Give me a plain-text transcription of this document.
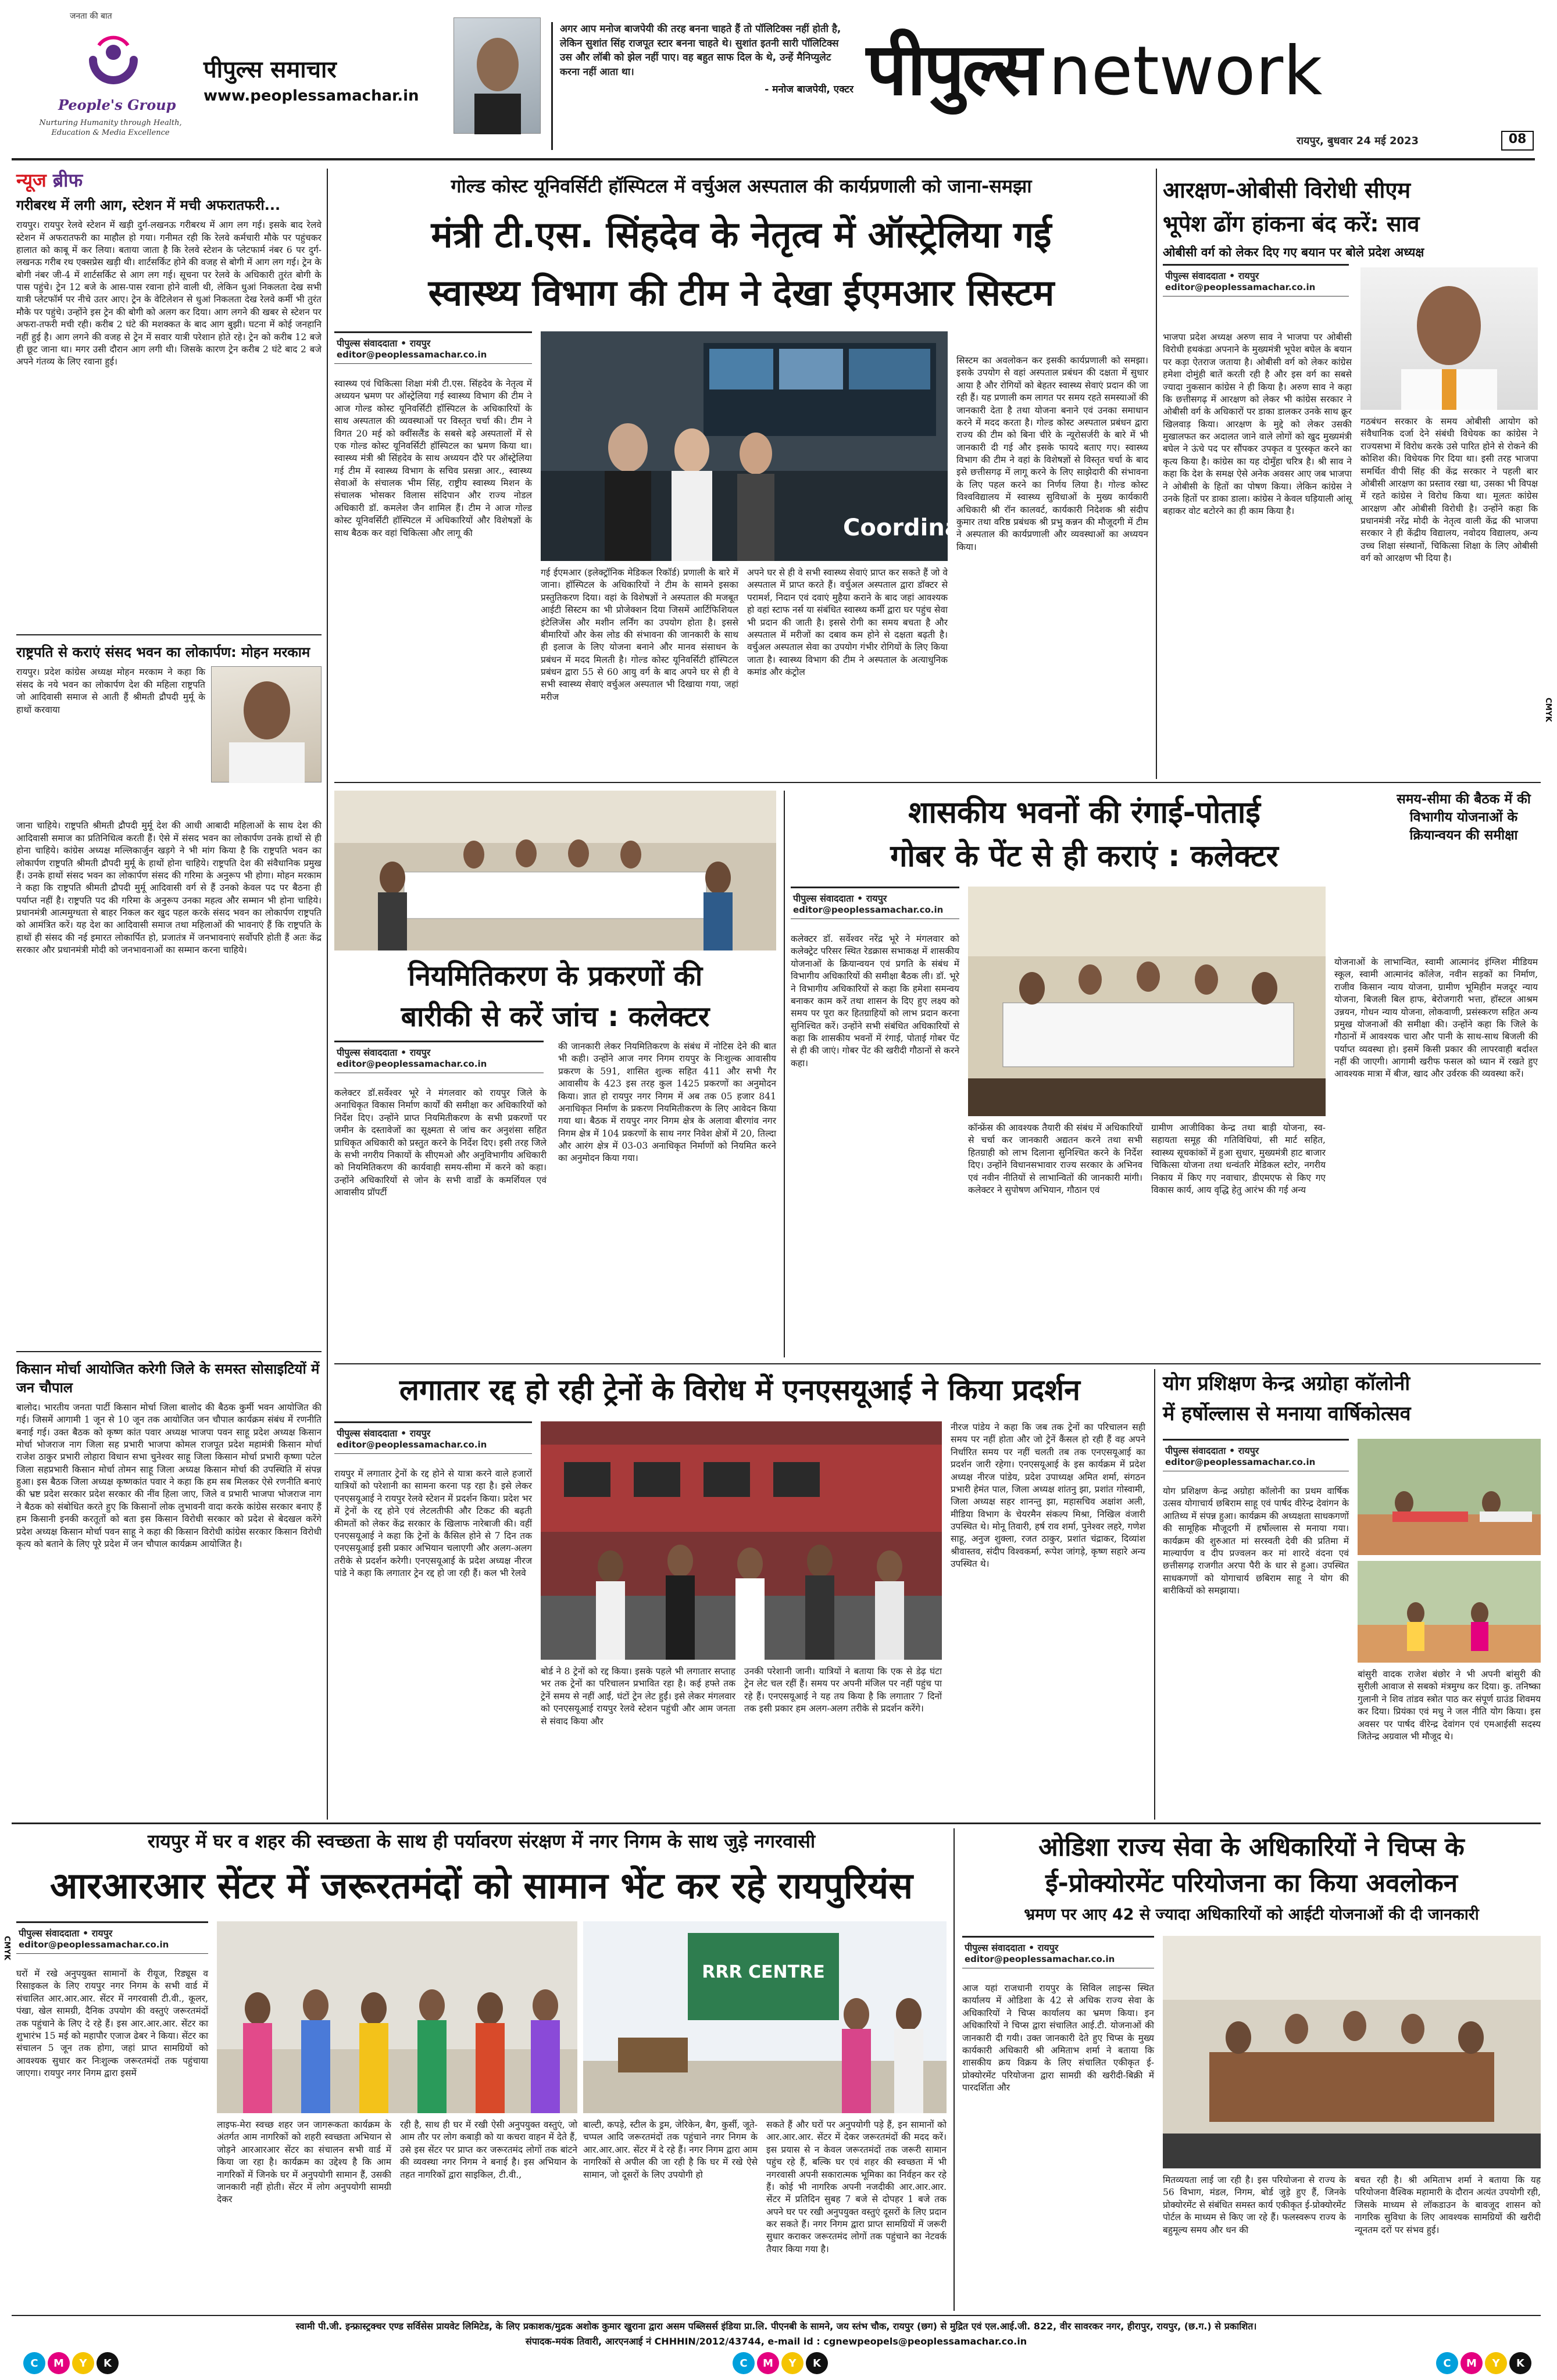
जनता की बात
People's Group
Nurturing Humanity through Health, Education & Media Excellence
पीपुल्स समाचार
www.peoplessamachar.in
अगर आप मनोज बाजपेयी की तरह बनना चाहते हैं तो पॉलिटिक्स नहीं होती है, लेकिन सुशांत सिंह राजपूत स्टार बनना चाहते थे। सुशांत इतनी सारी पॉलिटिक्स उस और लॉबी को झेल नहीं पाए। वह बहुत साफ दिल के थे, उन्हें मैनिप्युलेट करना नहीं आता था।
- मनोज बाजपेयी, एक्टर पीपुल्स network
रायपुर, बुधवार 24 मई 2023	08
न्यूज ब्रीफ
गरीबरथ में लगी आग, स्टेशन में मची अफरातफरी...
रायपुर। रायपुर रेलवे स्टेशन में खड़ी दुर्ग-लखनऊ गरीबरथ में आग लग गई। इसके बाद रेलवे स्टेशन में अफरातफरी का माहौल हो गया। गनीमत रही कि रेलवे कर्मचारी मौके पर पहुंचकर हालात को काबू में कर लिया। बताया जाता है कि रेलवे स्टेशन के प्लेटफार्म नंबर 6 पर दुर्ग-लखनऊ गरीब रथ एक्सप्रेस खड़ी थी। शार्टसर्किट होने की वजह से बोगी में आग लग गई। ट्रेन के बोगी नंबर जी-4 में शार्टसर्किट से आग लग गई। सूचना पर रेलवे के अधिकारी तुरंत बोगी के पास पहुंचे। ट्रेन 12 बजे के आस-पास रवाना होने वाली थी, लेकिन धुआं निकलता देख सभी यात्री प्लेटफॉर्म पर नीचे उतर आए। ट्रेन के वेटिलेशन से धुआं निकलता देख रेलवे कर्मी भी तुरंत मौके पर पहुंचे। उन्होंने इस ट्रेन की बोगी को अलग कर दिया। आग लगने की खबर से स्टेशन पर अफरा-तफरी मची रही। करीब 2 घंटे की मशक्कत के बाद आग बुझी। घटना में कोई जनहानि नहीं हुई है। आग लगने की वजह से ट्रेन में सवार यात्री परेशान होते रहे। ट्रेन को करीब 12 बजे ही छूट जाना था। मगर उसी दौरान आग लगी थी। जिसके कारण ट्रेन करीब 2 घंटे बाद 2 बजे अपने गंतव्य के लिए रवाना हुई।
राष्ट्रपति से कराएं संसद भवन का लोकार्पण: मोहन मरकाम
रायपुर। प्रदेश कांग्रेस अध्यक्ष मोहन मरकाम ने कहा कि संसद के नये भवन का लोकार्पण देश की महिला राष्ट्रपति जो आदिवासी समाज से आती हैं श्रीमती द्रौपदी मुर्मू के हाथों करवाया
जाना चाहिये। राष्ट्रपति श्रीमती द्रौपदी मुर्मू देश की आधी आबादी महिलाओं के साथ देश की आदिवासी समाज का प्रतिनिधित्व करती हैं। ऐसे में संसद भवन का लोकार्पण उनके हाथों से ही होना चाहिये। कांग्रेस अध्यक्ष मल्लिकार्जुन खड़गे ने भी मांग किया है कि राष्ट्रपति भवन का लोकार्पण राष्ट्रपति श्रीमती द्रौपदी मुर्मू के हाथों होना चाहिये। राष्ट्रपति देश की संवैधानिक प्रमुख हैं। उनके हाथों संसद भवन का लोकार्पण संसद की गरिमा के अनुरूप भी होगा। मोहन मरकाम ने कहा कि राष्ट्रपति श्रीमती द्रौपदी मुर्मू आदिवासी वर्ग से हैं उनको केवल पद पर बैठना ही पर्याप्त नहीं है। राष्ट्रपति पद की गरिमा के अनुरूप उनका महत्व और सम्मान भी होना चाहिये। प्रधानमंत्री आत्ममुग्धता से बाहर निकल कर खुद पहल करके संसद भवन का लोकार्पण राष्ट्रपति को आमंत्रित करें। यह देश का आदिवासी समाज तथा महिलाओं की भावनाएं हैं कि राष्ट्रपति के हाथों ही संसद की नई इमारत लोकार्पित हो, प्रजातंत्र में जनभावनाएं सर्वोपरि होती हैं अतः केंद्र सरकार और प्रधानमंत्री मोदी को जनभावनाओं का सम्मान करना चाहिये।
किसान मोर्चा आयोजित करेगी जिले के समस्त सोसाइटियों में जन चौपाल
बालोद। भारतीय जनता पार्टी किसान मोर्चा जिला बालोद की बैठक कुर्मी भवन आयोजित की गई। जिसमें आगामी 1 जून से 10 जून तक आयोजित जन चौपाल कार्यक्रम संबंध में रणनीति बनाई गई। उक्त बैठक को कृष्ण कांत पवार अध्यक्ष भाजपा पवन साहू प्रदेश अध्यक्ष किसान मोर्चा भोजराज नाग जिला सह प्रभारी भाजपा कोमल राजपूत प्रदेश महामंत्री किसान मोर्चा राजेश ठाकुर प्रभारी लोहारा विधान सभा चुनेश्वर साहू जिला किसान मोर्चा प्रभारी कृष्णा पटेल जिला सहप्रभारी किसान मोर्चा तोमन साहू जिला अध्यक्ष किसान मोर्चा की उपस्थिति में संपन्न हुआ। इस बैठक जिला अध्यक्ष कृष्णकांत पवार ने कहा कि हम सब मिलकर ऐसे रणनीति बनाएं की भ्रष्ट प्रदेश सरकार प्रदेश सरकार की नींव हिला जाए, जिले व प्रभारी भाजपा भोजराज नाग ने बैठक को संबोधित करते हुए कि किसानों लोक लुभावनी वादा करके कांग्रेस सरकार बनाए हैं हम किसानी इनकी करतूतों को बता इस किसान विरोधी सरकार को प्रदेश से बेदखल करेंगे प्रदेश अध्यक्ष किसान मोर्चा पवन साहू ने कहा की किसान विरोधी कांग्रेस सरकार किसान विरोधी कृत्य को बताने के लिए पूरे प्रदेश में जन चौपाल कार्यक्रम आयोजित है।
गोल्ड कोस्ट यूनिवर्सिटी हॉस्पिटल में वर्चुअल अस्पताल की कार्यप्रणाली को जाना-समझा
मंत्री टी.एस. सिंहदेव के नेतृत्व में ऑस्ट्रेलिया गई
स्वास्थ्य विभाग की टीम ने देखा ईएमआर सिस्टम
पीपुल्स संवाददाता • रायपुर
editor@peoplessamachar.co.in
स्वास्थ्य एवं चिकित्सा शिक्षा मंत्री टी.एस. सिंहदेव के नेतृत्व में अध्ययन भ्रमण पर ऑस्ट्रेलिया गई स्वास्थ्य विभाग की टीम ने आज गोल्ड कोस्ट यूनिवर्सिटी हॉस्पिटल के अधिकारियों के साथ अस्पताल की व्यवस्थाओं पर विस्तृत चर्चा की। टीम ने विगत 20 मई को क्वींसलैंड के सबसे बड़े अस्पतालों में से एक गोल्ड कोस्ट यूनिवर्सिटी हॉस्पिटल का भ्रमण किया था। स्वास्थ्य मंत्री श्री सिंहदेव के साथ अध्ययन दौरे पर ऑस्ट्रेलिया गई टीम में स्वास्थ्य विभाग के सचिव प्रसन्ना आर., स्वास्थ्य सेवाओं के संचालक भीम सिंह, राष्ट्रीय स्वास्थ्य मिशन के संचालक भोसकर विलास संदिपान और राज्य नोडल अधिकारी डॉ. कमलेश जैन शामिल हैं। टीम ने आज गोल्ड कोस्ट यूनिवर्सिटी हॉस्पिटल में अधिकारियों और विशेषज्ञों के साथ बैठक कर वहां चिकित्सा और लागू की	Coordina
गई ईएमआर (इलेक्ट्रॉनिक मेडिकल रिकॉर्ड) प्रणाली के बारे में जाना। हॉस्पिटल के अधिकारियों ने टीम के सामने इसका प्रस्तुतिकरण दिया। वहां के विशेषज्ञों ने अस्पताल की मजबूत आईटी सिस्टम का भी प्रोजेक्शन दिया जिसमें आर्टिफिशियल इंटेलिजेंस और मशीन लर्निंग का उपयोग होता है। इससे बीमारियों और केस लोड की संभावना की जानकारी के साथ ही इलाज के लिए योजना बनाने और मानव संसाधन के प्रबंधन में मदद मिलती है। गोल्ड कोस्ट यूनिवर्सिटी हॉस्पिटल प्रबंधन द्वारा 55 से 60 आयु वर्ग के बाद अपने घर से ही वे सभी स्वास्थ्य सेवाएं वर्चुअल अस्पताल भी दिखाया गया, जहां मरीज
अपने घर से ही वे सभी स्वास्थ्य सेवाएं प्राप्त कर सकते हैं जो वे अस्पताल में प्राप्त करते हैं। वर्चुअल अस्पताल द्वारा डॉक्टर से परामर्श, निदान एवं दवाएं मुहैया कराने के बाद जहां आवश्यक हो वहां स्टाफ नर्स या संबंधित स्वास्थ्य कर्मी द्वारा घर पहुंच सेवा भी प्रदान की जाती है। इससे रोगी का समय बचता है और अस्पताल में मरीजों का दबाव कम होने से दक्षता बढ़ती है। वर्चुअल अस्पताल सेवा का उपयोग गंभीर रोगियों के लिए किया जाता है। स्वास्थ्य विभाग की टीम ने अस्पताल के अत्याधुनिक कमांड और कंट्रोल
सिस्टम का अवलोकन कर इसकी कार्यप्रणाली को समझा। इसके उपयोग से वहां अस्पताल प्रबंधन की दक्षता में सुधार आया है और रोगियों को बेहतर स्वास्थ्य सेवाएं प्रदान की जा रही हैं। यह प्रणाली कम लागत पर समय रहते समस्याओं की जानकारी देता है तथा योजना बनाने एवं उनका समाधान करने में मदद करता है। गोल्ड कोस्ट अस्पताल प्रबंधन द्वारा राज्य की टीम को बिना चीरे के न्यूरोसर्जरी के बारे में भी जानकारी दी गई और इसके फायदे बताए गए। स्वास्थ्य विभाग की टीम ने वहां के विशेषज्ञों से विस्तृत चर्चा के बाद इसे छत्तीसगढ़ में लागू करने के लिए साझेदारी की संभावना के लिए पहल करने का निर्णय लिया है। गोल्ड कोस्ट विश्वविद्यालय में स्वास्थ्य सुविधाओं के मुख्य कार्यकारी अधिकारी श्री रॉन कालवर्ट, कार्यकारी निदेशक श्री संदीप कुमार तथा वरिष्ठ प्रबंधक श्री प्रभु कन्नन की मौजूदगी में टीम ने अस्पताल की कार्यप्रणाली और व्यवस्थाओं का अध्ययन किया।
आरक्षण-ओबीसी विरोधी सीएम
भूपेश ढोंग हांकना बंद करें: साव
ओबीसी वर्ग को लेकर दिए गए बयान पर बोले प्रदेश अध्यक्ष
पीपुल्स संवाददाता • रायपुर
editor@peoplessamachar.co.in
भाजपा प्रदेश अध्यक्ष अरुण साव ने भाजपा पर ओबीसी विरोधी हथकंडा अपनाने के मुख्यमंत्री भूपेश बघेल के बयान पर कड़ा ऐतराज जताया है। ओबीसी वर्ग को लेकर कांग्रेस हमेशा दोमुंही बातें करती रही है और इस वर्ग का सबसे ज्यादा नुकसान कांग्रेस ने ही किया है। अरुण साव ने कहा कि छत्तीसगढ़ में आरक्षण को लेकर भी कांग्रेस सरकार ने ओबीसी वर्ग के अधिकारों पर डाका डालकर उनके साथ क्रूर खिलवाड़ किया। आरक्षण के मुद्दे को लेकर उसकी मुखालफत कर अदालत जाने वाले लोगों को खुद मुख्यमंत्री बघेल ने ऊंचे पद पर सौंपकर उपकृत व पुरस्कृत करने का कृत्य किया है। कांग्रेस का यह दोमुँहा चरित्र है। श्री साव ने कहा कि देश के समक्ष ऐसे अनेक अवसर आए जब भाजपा ने ओबीसी के हितों का पोषण किया। लेकिन कांग्रेस ने उनके हितों पर डाका डाला। कांग्रेस ने केवल घड़ियाली आंसू बहाकर वोट बटोरने का ही काम किया है।
गठबंधन सरकार के समय ओबीसी आयोग को संवैधानिक दर्जा देने संबंधी विधेयक का कांग्रेस ने राज्यसभा में विरोध करके उसे पारित होने से रोकने की कोशिश की। विधेयक गिर दिया था। इसी तरह भाजपा समर्थित वीपी सिंह की केंद्र सरकार ने पहली बार ओबीसी आरक्षण का प्रस्ताव रखा था, उसका भी विपक्ष में रहते कांग्रेस ने विरोध किया था। मूलतः कांग्रेस आरक्षण और ओबीसी विरोधी है। उन्होंने कहा कि प्रधानमंत्री नरेंद्र मोदी के नेतृत्व वाली केंद्र की भाजपा सरकार ने ही केंद्रीय विद्यालय, नवोदय विद्यालय, अन्य उच्च शिक्षा संस्थानों, चिकित्सा शिक्षा के लिए ओबीसी वर्ग को आरक्षण भी दिया है।
CMYK
नियमितिकरण के प्रकरणों की
बारीकी से करें जांच : कलेक्टर
पीपुल्स संवाददाता • रायपुर
editor@peoplessamachar.co.in
कलेक्टर डॉ.सर्वेश्वर भूरे ने मंगलवार को रायपुर जिले के अनाधिकृत विकास निर्माण कार्यों की समीक्षा कर अधिकारियों को निर्देश दिए। उन्होंने प्राप्त नियमितीकरण के सभी प्रकरणों पर जमीन के दस्तावेजों का सूक्ष्मता से जांच कर अनुशंसा सहित प्राधिकृत अधिकारी को प्रस्तुत करने के निर्देश दिए। इसी तरह जिले के सभी नगरीय निकायों के सीएमओ और अनुविभागीय अधिकारी को नियमितिकरण की कार्यवाही समय-सीमा में करने को कहा। उन्होंने अधिकारियों से जोन के सभी वार्डों के कमर्शियल एवं आवासीय प्रॉपर्टी
की जानकारी लेकर नियमितिकरण के संबंध में नोटिस देने की बात भी कही। उन्होंने आज नगर निगम रायपुर के निःशुल्क आवासीय प्रकरण के 591, शासित शुल्क सहित 411 और सभी गैर आवासीय के 423 इस तरह कुल 1425 प्रकरणों का अनुमोदन किया। ज्ञात हो रायपुर नगर निगम में अब तक 05 हजार 841 अनाधिकृत निर्माण के प्रकरण नियमितीकरण के लिए आवेदन किया गया था। बैठक में रायपुर नगर निगम क्षेत्र के अलावा बीरगांव नगर निगम क्षेत्र में 104 प्रकरणों के साथ नगर निवेश क्षेत्रों में 20, तिल्दा और आरंग क्षेत्र में 03-03 अनाधिकृत निर्माणों को नियमित करने का अनुमोदन किया गया।
शासकीय भवनों की रंगाई-पोताई
गोबर के पेंट से ही कराएं : कलेक्टर
समय-सीमा की बैठक में की विभागीय योजनाओं के क्रियान्वयन की समीक्षा
पीपुल्स संवाददाता • रायपुर
editor@peoplessamachar.co.in
कलेक्टर डॉ. सर्वेश्वर नरेंद्र भूरे ने मंगलवार को कलेक्ट्रेट परिसर स्थित रेडक्रास सभाकक्ष में शासकीय योजनाओं के क्रियान्वयन एवं प्रगति के संबंध में विभागीय अधिकारियों की समीक्षा बैठक ली। डॉ. भूरे ने विभागीय अधिकारियों से कहा कि हमेशा समन्वय बनाकर काम करें तथा शासन के दिए हुए लक्ष्य को समय पर पूरा कर हितग्राहियों को लाभ प्रदान करना सुनिश्चित करें। उन्होंने सभी संबंधित अधिकारियों से कहा कि शासकीय भवनों में रंगाई, पोताई गोबर पेंट से ही की जाएं। गोबर पेंट की खरीदी गौठानों से करने कहा।
कॉन्फ्रेंस की आवश्यक तैयारी की संबंध में अधिकारियों से चर्चा कर जानकारी अद्यतन करने तथा सभी हितग्राही को लाभ दिलाना सुनिश्चित करने के निर्देश दिए। उन्होंने विधानसभावार राज्य सरकार के अभिनव एवं नवीन नीतियों से लाभान्वितों की जानकारी मांगी। कलेक्टर ने सुपोषण अभियान, गौठान एवं
ग्रामीण आजीविका केन्द्र तथा बाड़ी योजना, स्व-सहायता समूह की गतिविधियां, सी मार्ट सहित, स्वास्थ्य सूचकांकों में हुआ सुधार, मुख्यमंत्री हाट बाजार चिकित्सा योजना तथा धन्वंतरि मेडिकल स्टोर, नगरीय निकाय में किए गए नवाचार, डीएमएफ से किए गए विकास कार्य, आय वृद्धि हेतु आरंभ की गई अन्य
योजनाओं के लाभान्वित, स्वामी आत्मानंद इंग्लिश मीडियम स्कूल, स्वामी आत्मानंद कॉलेज, नवीन सड़कों का निर्माण, राजीव किसान न्याय योजना, ग्रामीण भूमिहीन मजदूर न्याय योजना, बिजली बिल हाफ, बेरोजगारी भत्ता, हॉस्टल आश्रम उन्नयन, गोधन न्याय योजना, लोकवाणी, प्रसंस्करण सहित अन्य प्रमुख योजनाओं की समीक्षा की। उन्होंने कहा कि जिले के गौठानों में आवश्यक चारा और पानी के साथ-साथ बिजली की पर्याप्त व्यवस्था हो। इसमें किसी प्रकार की लापरवाही बर्दाश्त नहीं की जाएगी। आगामी खरीफ फसल को ध्यान में रखते हुए आवश्यक मात्रा में बीज, खाद और उर्वरक की व्यवस्था करें।
लगातार रद्द हो रही ट्रेनों के विरोध में एनएसयूआई ने किया प्रदर्शन
पीपुल्स संवाददाता • रायपुर
editor@peoplessamachar.co.in
रायपुर में लगातार ट्रेनों के रद्द होने से यात्रा करने वाले हजारों यात्रियों को परेशानी का सामना करना पड़ रहा है। इसे लेकर एनएसयूआई ने रायपुर रेलवे स्टेशन में प्रदर्शन किया। प्रदेश भर में ट्रेनों के रद्द होने एवं लेटलतीफी और टिकट की बढ़ती कीमतों को लेकर केंद्र सरकार के खिलाफ नारेबाजी की। वहीं एनएसयूआई ने कहा कि ट्रेनों के कैंसिल होने से 7 दिन तक एनएसयूआई इसी प्रकार अभियान चलाएगी और अलग-अलग तरीके से प्रदर्शन करेगी। एनएसयूआई के प्रदेश अध्यक्ष नीरज पांडे ने कहा कि लगातार ट्रेन रद्द हो जा रही हैं। कल भी रेलवे
बोर्ड ने 8 ट्रेनों को रद्द किया। इसके पहले भी लगातार सप्ताह भर तक ट्रेनों का परिचालन प्रभावित रहा है। कई हफ्ते तक ट्रेनें समय से नहीं आईं, घंटों ट्रेन लेट हुईं। इसे लेकर मंगलवार को एनएसयूआई रायपुर रेलवे स्टेशन पहुंची और आम जनता से संवाद किया और
उनकी परेशानी जानी। यात्रियों ने बताया कि एक से डेढ़ घंटा ट्रेन लेट चल रहीं हैं। समय पर अपनी मंजिल पर नहीं पहुंच पा रहे हैं। एनएसयूआई ने यह तय किया है कि लगातार 7 दिनों तक इसी प्रकार हम अलग-अलग तरीके से प्रदर्शन करेंगे।
नीरज पांडेय ने कहा कि जब तक ट्रेनों का परिचालन सही समय पर नहीं होता और जो ट्रेनें कैंसल हो रही हैं वह अपने निर्धारित समय पर नहीं चलती तब तक एनएसयूआई का प्रदर्शन जारी रहेगा। एनएसयूआई के इस कार्यक्रम में प्रदेश अध्यक्ष नीरज पांडेय, प्रदेश उपाध्यक्ष अमित शर्मा, संगठन प्रभारी हेमंत पाल, जिला अध्यक्ष शांतनु झा, प्रशांत गोस्वामी, जिला अध्यक्ष सहर शानन्तु झा, महासचिव अक्षांश अली, मीडिया विभाग के चेयरमैन संकल्प मिश्रा, निखिल वंजारी उपस्थित थे। मोनू तिवारी, हर्ष राव शर्मा, पुनेश्वर लहरे, गणेश साहू, अनुज शुक्ला, रजत ठाकुर, प्रशांत चंद्राकर, दिव्यांश श्रीवास्तव, संदीप विश्वकर्मा, रूपेश जांगड़े, कृष्ण सहारे अन्य उपस्थित थे।
योग प्रशिक्षण केन्द्र अग्रोहा कॉलोनी
में हर्षोल्लास से मनाया वार्षिकोत्सव
पीपुल्स संवाददाता • रायपुर
editor@peoplessamachar.co.in
योग प्रशिक्षण केन्द्र अग्रोहा कॉलोनी का प्रथम वार्षिक उत्सव योगाचार्य छबिराम साहू एवं पार्षद वीरेन्द्र देवांगन के आतिथ्य में संपन्न हुआ। कार्यक्रम की अध्यक्षता साधकगणों की सामूहिक मौजूदगी में हर्षोल्लास से मनाया गया। कार्यक्रम की शुरुआत मां सरस्वती देवी की प्रतिमा में माल्यार्पण व दीप प्रज्वलन कर मां शारदे वंदना एवं छत्तीसगढ़ राजगीत अरपा पैरी के धार से हुआ। उपस्थित साधकगणों को योगाचार्य छबिराम साहू ने योग की बारीकियों को समझाया।
बांसुरी वादक राजेश बंछोर ने भी अपनी बांसुरी की सुरीली आवाज से सबको मंत्रमुग्ध कर दिया। कु. तनिष्का गुलानी ने शिव तांडव स्त्रोत पाठ कर संपूर्ण ग्राउंड शिवमय कर दिया। प्रियंका एवं मधु ने जल नीति योग किया। इस अवसर पर पार्षद वीरेन्द्र देवांगन एवं एमआईसी सदस्य जितेन्द्र अग्रवाल भी मौजूद थे।
रायपुर में घर व शहर की स्वच्छता के साथ ही पर्यावरण संरक्षण में नगर निगम के साथ जुड़े नगरवासी
आरआरआर सेंटर में जरूरतमंदों को सामान भेंट कर रहे रायपुरियंस
पीपुल्स संवाददाता • रायपुर
editor@peoplessamachar.co.in
घरों में रखे अनुपयुक्त सामानों के रीयूज, रिड्यूस व रिसाइकल के लिए रायपुर नगर निगम के सभी वार्ड में संचालित आर.आर.आर. सेंटर में नगरवासी टी.वी., कूलर, पंखा, खेल सामग्री, दैनिक उपयोग की वस्तुएं जरूरतमंदों तक पहुंचाने के लिए दे रहे हैं। इस आर.आर.आर. सेंटर का शुभारंभ 15 मई को महापौर एजाज ढेबर ने किया। सेंटर का संचालन 5 जून तक होगा, जहां प्राप्त सामग्रियों को आवश्यक सुधार कर निःशुल्क जरूरतमंदों तक पहुंचाया जाएगा। रायपुर नगर निगम द्वारा इसमें
RRR CENTRE
लाइफ-मेरा स्वच्छ शहर जन जागरूकता कार्यक्रम के अंतर्गत आम नागरिकों को शहरी स्वच्छता अभियान से जोड़ने आरआरआर सेंटर का संचालन सभी वार्ड में किया जा रहा है। कार्यक्रम का उद्देश्य है कि आम नागरिकों में जिनके घर में अनुपयोगी सामान हैं, उसकी जानकारी नहीं होती। सेंटर में लोग अनुपयोगी सामग्री देकर
रही है, साथ ही घर में रखी ऐसी अनुपयुक्त वस्तुएं, जो आम तौर पर लोग कबाड़ी को या कचरा वाहन में देते हैं, उसे इस सेंटर पर प्राप्त कर जरूरतमंद लोगों तक बांटने की व्यवस्था नगर निगम ने बनाई है। इस अभियान के तहत नागरिकों द्वारा साइकिल, टी.वी.,
बाल्टी, कपड़े, स्टील के ड्रम, जेरिकेन, बैग, कुर्सी, जूते-चप्पल आदि जरूरतमंदों तक पहुंचाने नगर निगम के आर.आर.आर. सेंटर में दे रहे हैं। नगर निगम द्वारा आम नागरिकों से अपील की जा रही है कि घर में रखे ऐसे सामान, जो दूसरों के लिए उपयोगी हो
सकते हैं और घरों पर अनुपयोगी पड़े हैं, इन सामानों को आर.आर.आर. सेंटर में देकर जरूरतमंदों की मदद करें। इस प्रयास से न केवल जरूरतमंदों तक जरूरी सामान पहुंच रहे हैं, बल्कि घर एवं शहर की स्वच्छता में भी नगरवासी अपनी सकारात्मक भूमिका का निर्वहन कर रहे हैं। कोई भी नागरिक अपनी नजदीकी आर.आर.आर. सेंटर में प्रतिदिन सुबह 7 बजे से दोपहर 1 बजे तक अपने घर पर रखी अनुपयुक्त वस्तुएं दूसरों के लिए प्रदान कर सकते हैं। नगर निगम द्वारा प्राप्त सामग्रियों में जरूरी सुधार कराकर जरूरतमंद लोगों तक पहुंचाने का नेटवर्क तैयार किया गया है।
CMYK
ओडिशा राज्य सेवा के अधिकारियों ने चिप्स के
ई-प्रोक्योरमेंट परियोजना का किया अवलोकन
भ्रमण पर आए 42 से ज्यादा अधिकारियों को आईटी योजनाओं की दी जानकारी
पीपुल्स संवाददाता • रायपुर
editor@peoplessamachar.co.in
आज यहां राजधानी रायपुर के सिविल लाइन्स स्थित कार्यालय में ओडिशा के 42 से अधिक राज्य सेवा के अधिकारियों ने चिप्स कार्यालय का भ्रमण किया। इन अधिकारियों ने चिप्स द्वारा संचालित आई.टी. योजनाओं की जानकारी दी गयी। उक्त जानकारी देते हुए चिप्स के मुख्य कार्यकारी अधिकारी श्री अमिताभ शर्मा ने बताया कि शासकीय क्रय विक्रय के लिए संचालित एकीकृत ई-प्रोक्योरमेंट परियोजना द्वारा सामग्री की खरीदी-बिक्री में पारदर्शिता और
मितव्ययता लाई जा रही है। इस परियोजना से राज्य के 56 विभाग, मंडल, निगम, बोर्ड जुड़े हुए हैं, जिनके प्रोक्योरमेंट से संबंधित समस्त कार्य एकीकृत ई-प्रोक्योरमेंट पोर्टल के माध्यम से किए जा रहे हैं। फलस्वरूप राज्य के बहुमूल्य समय और धन की
बचत रही है। श्री अमिताभ शर्मा ने बताया कि यह परियोजना वैश्विक महामारी के दौरान अत्यंत उपयोगी रही, जिसके माध्यम से लॉकडाउन के बावजूद शासन को नागरिक सुविधा के लिए आवश्यक सामग्रियों की खरीदी न्यूनतम दरों पर संभव हुई।
स्वामी पी.जी. इन्फ्रास्ट्रक्चर एण्ड सर्विसेस प्रायवेट लिमिटेड, के लिए प्रकाशक/मुद्रक अशोक कुमार खुराना द्वारा असम पब्लिसर्स इंडिया प्रा.लि. पीएनबी के सामने, जय स्तंभ चौक, रायपुर (छग) से मुद्रित एवं एल.आई.जी. 822, वीर सावरकर नगर, हीरापुर, रायपुर, (छ.ग.) से प्रकाशित।
संपादक-मयंक तिवारी, आरएनआई नं CHHHIN/2012/43744, e-mail id : cgnewpeopels@peoplessamachar.co.in
C	M	Y	K	C	M	Y	K	C	M	Y	K
